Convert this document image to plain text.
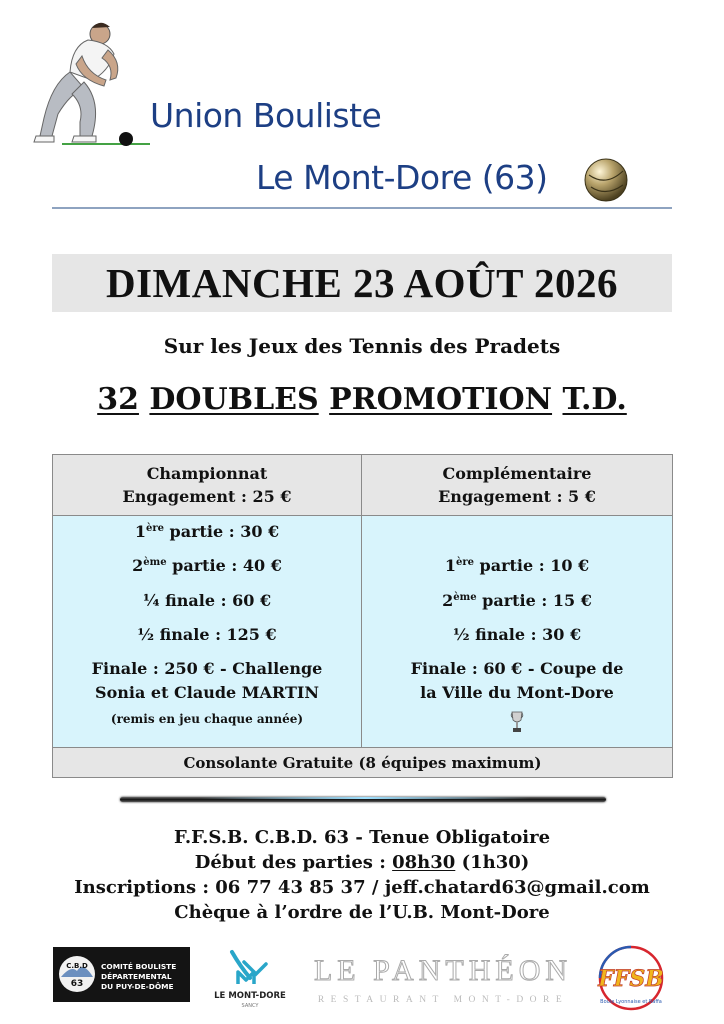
Union Bouliste
Le Mont-Dore (63)
DIMANCHE 23 AOÛT 2026
Sur les Jeux des Tennis des Pradets
32 DOUBLES PROMOTION T.D.
Championnat
Engagement : 25 €
Complémentaire
Engagement : 5 €
1ère partie : 30 €
2ème partie : 40 €
¼ finale : 60 €
½ finale : 125 €
Finale : 250 € - Challenge
Sonia et Claude MARTIN
(remis en jeu chaque année)
1ère partie : 10 €
2ème partie : 15 €
½ finale : 30 €
Finale : 60 € - Coupe de
la Ville du Mont-Dore
Consolante Gratuite (8 équipes maximum)
F.F.S.B. C.B.D. 63 - Tenue Obligatoire
Début des parties : 08h30 (1h30)
Inscriptions : 06 77 43 85 37 / jeff.chatard63@gmail.com
Chèque à l’ordre de l’U.B. Mont-Dore
C.B.D
63
COMITÉ BOULISTE
DÉPARTEMENTAL
DU PUY-DE-DÔME
LE MONT-DORE
SANCY
LE PANTHÉON
RESTAURANT MONT-DORE
FFSB
Boule Lyonnaise et Raffa
